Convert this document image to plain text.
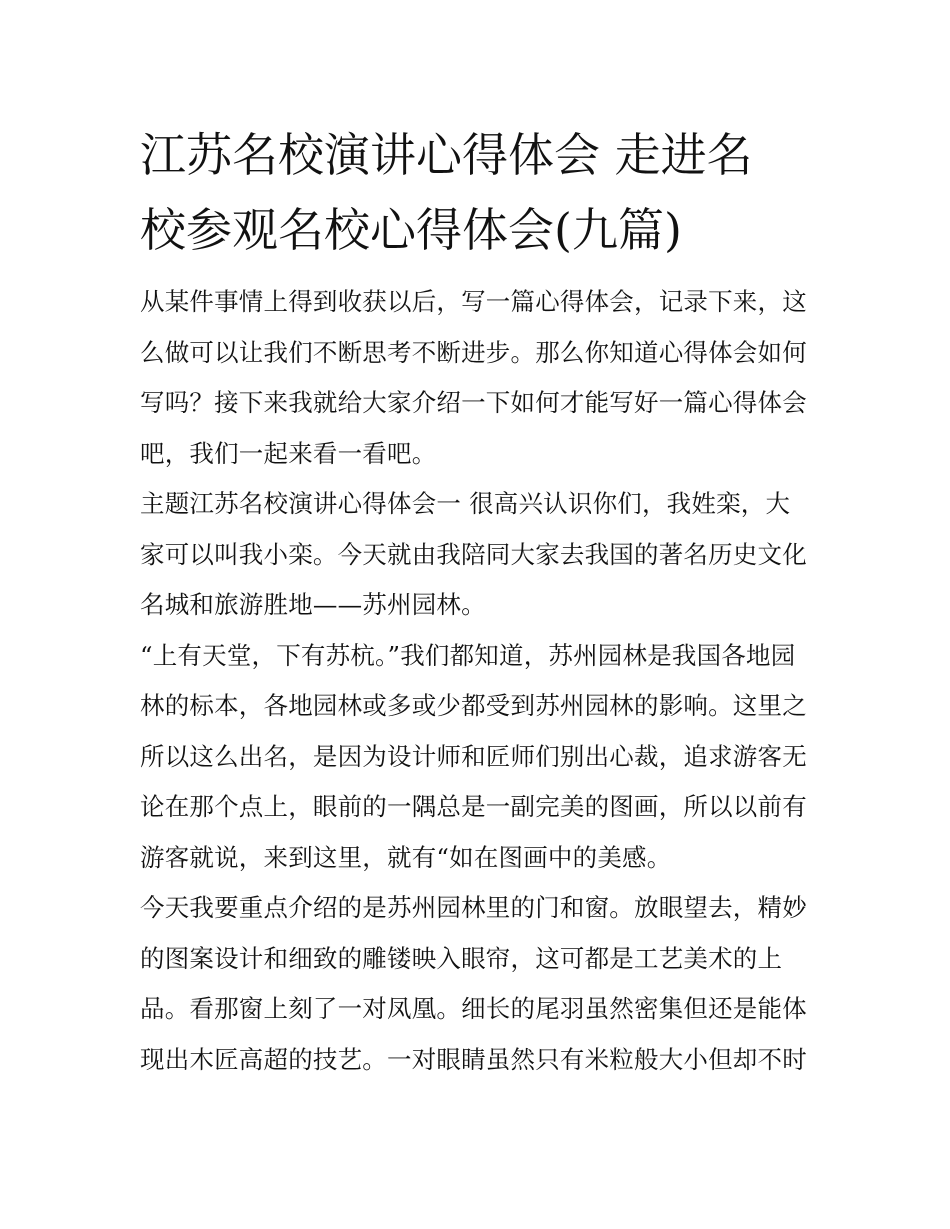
江苏名校演讲心得体会 走进名
校参观名校心得体会(九篇)
从某件事情上得到收获以后，写一篇心得体会，记录下来，这
么做可以让我们不断思考不断进步。那么你知道心得体会如何
写吗？接下来我就给大家介绍一下如何才能写好一篇心得体会
吧，我们一起来看一看吧。
主题江苏名校演讲心得体会一 很高兴认识你们，我姓栾，大
家可以叫我小栾。今天就由我陪同大家去我国的著名历史文化
名城和旅游胜地——苏州园林。
“上有天堂，下有苏杭。”我们都知道，苏州园林是我国各地园
林的标本，各地园林或多或少都受到苏州园林的影响。这里之
所以这么出名，是因为设计师和匠师们别出心裁，追求游客无
论在那个点上，眼前的一隅总是一副完美的图画，所以以前有
游客就说，来到这里，就有“如在图画中的美感。
今天我要重点介绍的是苏州园林里的门和窗。放眼望去，精妙
的图案设计和细致的雕镂映入眼帘，这可都是工艺美术的上
品。看那窗上刻了一对凤凰。细长的尾羽虽然密集但还是能体
现出木匠高超的技艺。一对眼睛虽然只有米粒般大小但却不时
